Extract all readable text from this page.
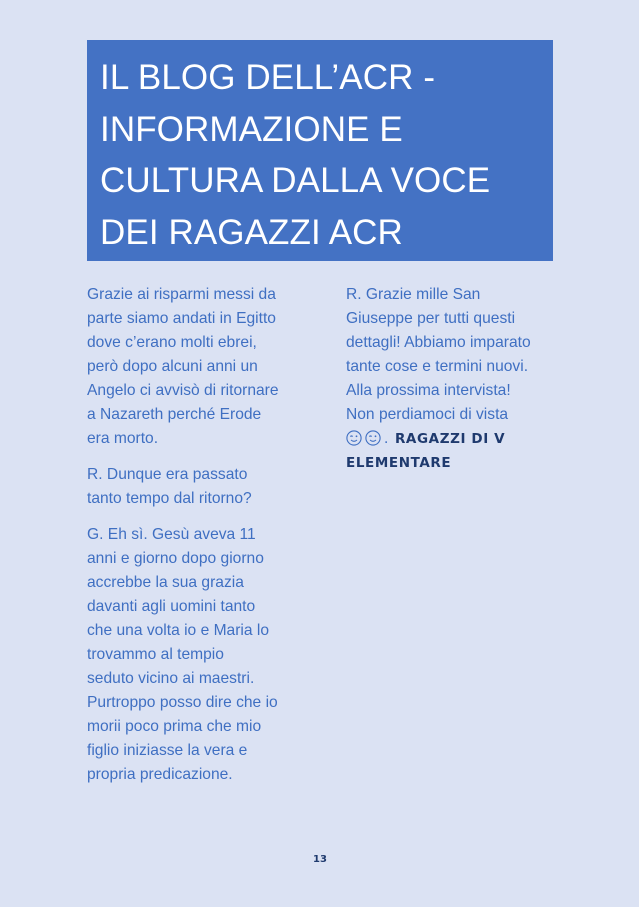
IL BLOG DELL’ACR -
INFORMAZIONE E
CULTURA DALLA VOCE
DEI RAGAZZI ACR

Grazie ai risparmi messi da
parte siamo andati in Egitto
dove c’erano molti ebrei,
però dopo alcuni anni un
Angelo ci avvisò di ritornare
a Nazareth perché Erode
era morto.

R. Dunque era passato
tanto tempo dal ritorno?

G. Eh sì. Gesù aveva 11
anni e giorno dopo giorno
accrebbe la sua grazia
davanti agli uomini tanto
che una volta io e Maria lo
trovammo al tempio
seduto vicino ai maestri.
Purtroppo posso dire che io
morii poco prima che mio
figlio iniziasse la vera e
propria predicazione.

R. Grazie mille San
Giuseppe per tutti questi
dettagli! Abbiamo imparato
tante cose e termini nuovi.
Alla prossima intervista!
Non perdiamoci di vista
. RAGAZZI DI V
ELEMENTARE

13
